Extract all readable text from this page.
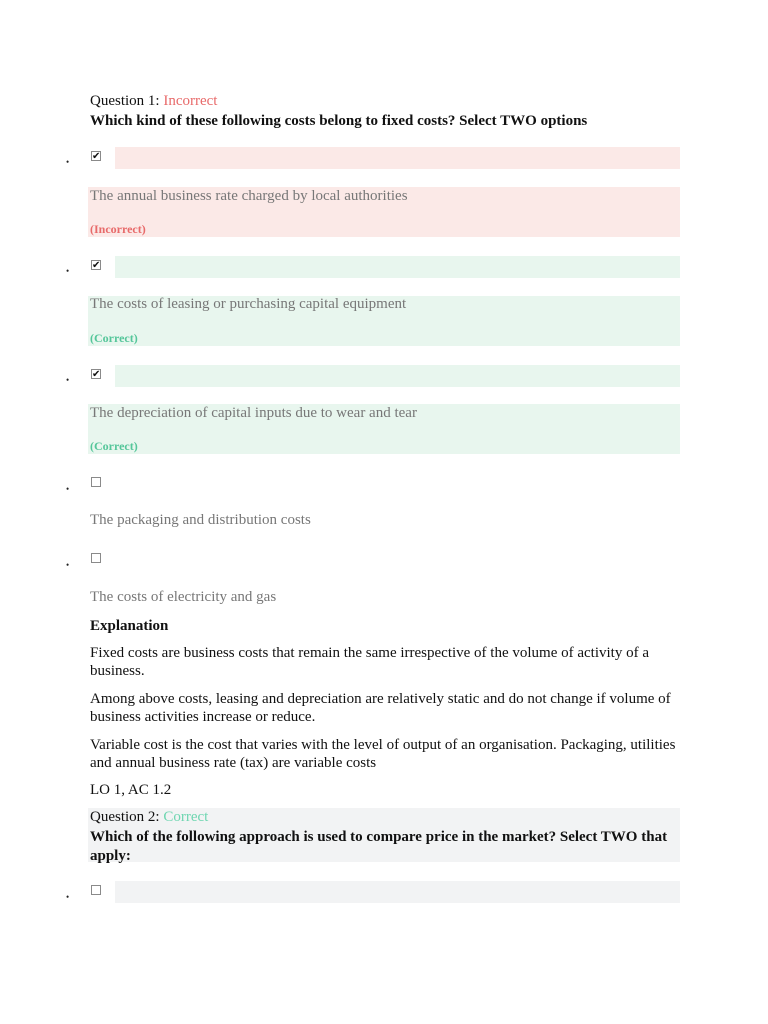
Question 1: Incorrect
Which kind of these following costs belong to fixed costs? Select TWO options
• ✔
The annual business rate charged by local authorities
(Incorrect)
• ✔
The costs of leasing or purchasing capital equipment
(Correct)
• ✔
The depreciation of capital inputs due to wear and tear
(Correct)
•
The packaging and distribution costs
•
The costs of electricity and gas
Explanation
Fixed costs are business costs that remain the same irrespective of the volume of activity of a business.
Among above costs, leasing and depreciation are relatively static and do not change if volume of business activities increase or reduce.
Variable cost is the cost that varies with the level of output of an organisation. Packaging, utilities and annual business rate (tax) are variable costs
LO 1, AC 1.2
Question 2: Correct
Which of the following approach is used to compare price in the market? Select TWO that apply:
•
